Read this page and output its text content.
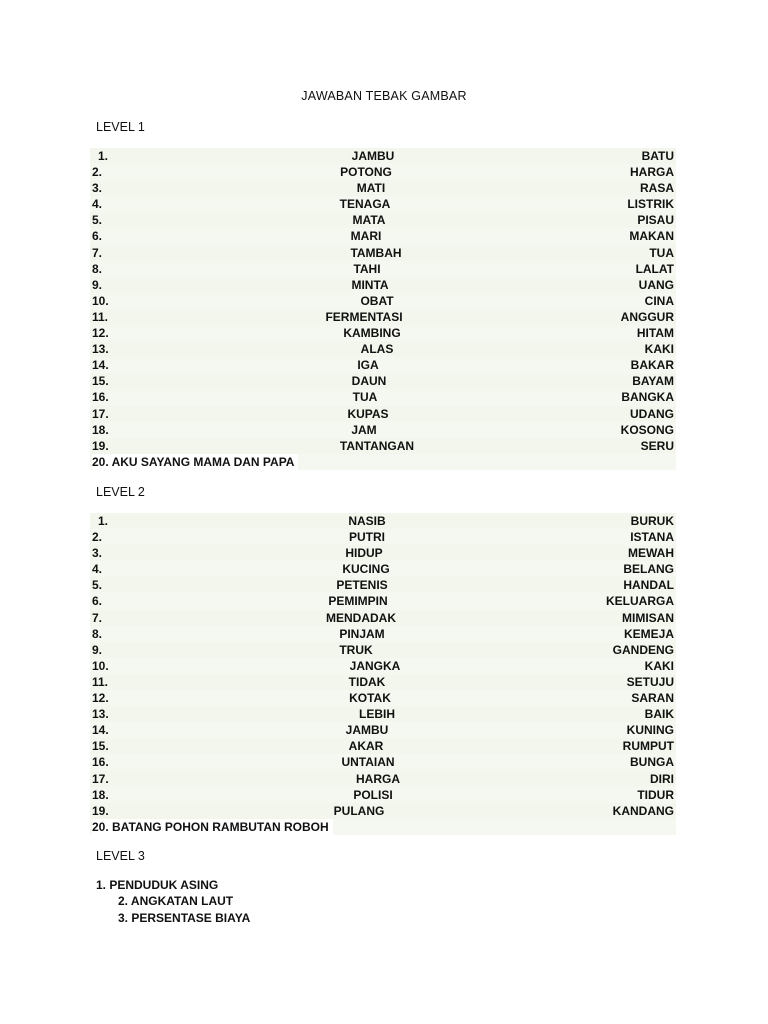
JAWABAN TEBAK GAMBAR
LEVEL 1
1.	JAMBU	BATU
2.	POTONG	HARGA
3.	MATI	RASA
4.	TENAGA	LISTRIK
5.	MATA	PISAU
6.	MARI	MAKAN
7.	TAMBAH	TUA
8.	TAHI	LALAT
9.	MINTA	UANG
10.	OBAT	CINA
11.	FERMENTASI	ANGGUR
12.	KAMBING	HITAM
13.	ALAS	KAKI
14.	IGA	BAKAR
15.	DAUN	BAYAM
16.	TUA	BANGKA
17.	KUPAS	UDANG
18.	JAM	KOSONG
19.	TANTANGAN	SERU
20. AKU SAYANG MAMA DAN PAPA
LEVEL 2
1.	NASIB	BURUK
2.	PUTRI	ISTANA
3.	HIDUP	MEWAH
4.	KUCING	BELANG
5.	PETENIS	HANDAL
6.	PEMIMPIN	KELUARGA
7.	MENDADAK	MIMISAN
8.	PINJAM	KEMEJA
9.	TRUK	GANDENG
10.	JANGKA	KAKI
11.	TIDAK	SETUJU
12.	KOTAK	SARAN
13.	LEBIH	BAIK
14.	JAMBU	KUNING
15.	AKAR	RUMPUT
16.	UNTAIAN	BUNGA
17.	HARGA	DIRI
18.	POLISI	TIDUR
19.	PULANG	KANDANG
20. BATANG POHON RAMBUTAN ROBOH
LEVEL 3
1. PENDUDUK ASING
2. ANGKATAN LAUT
3. PERSENTASE BIAYA
